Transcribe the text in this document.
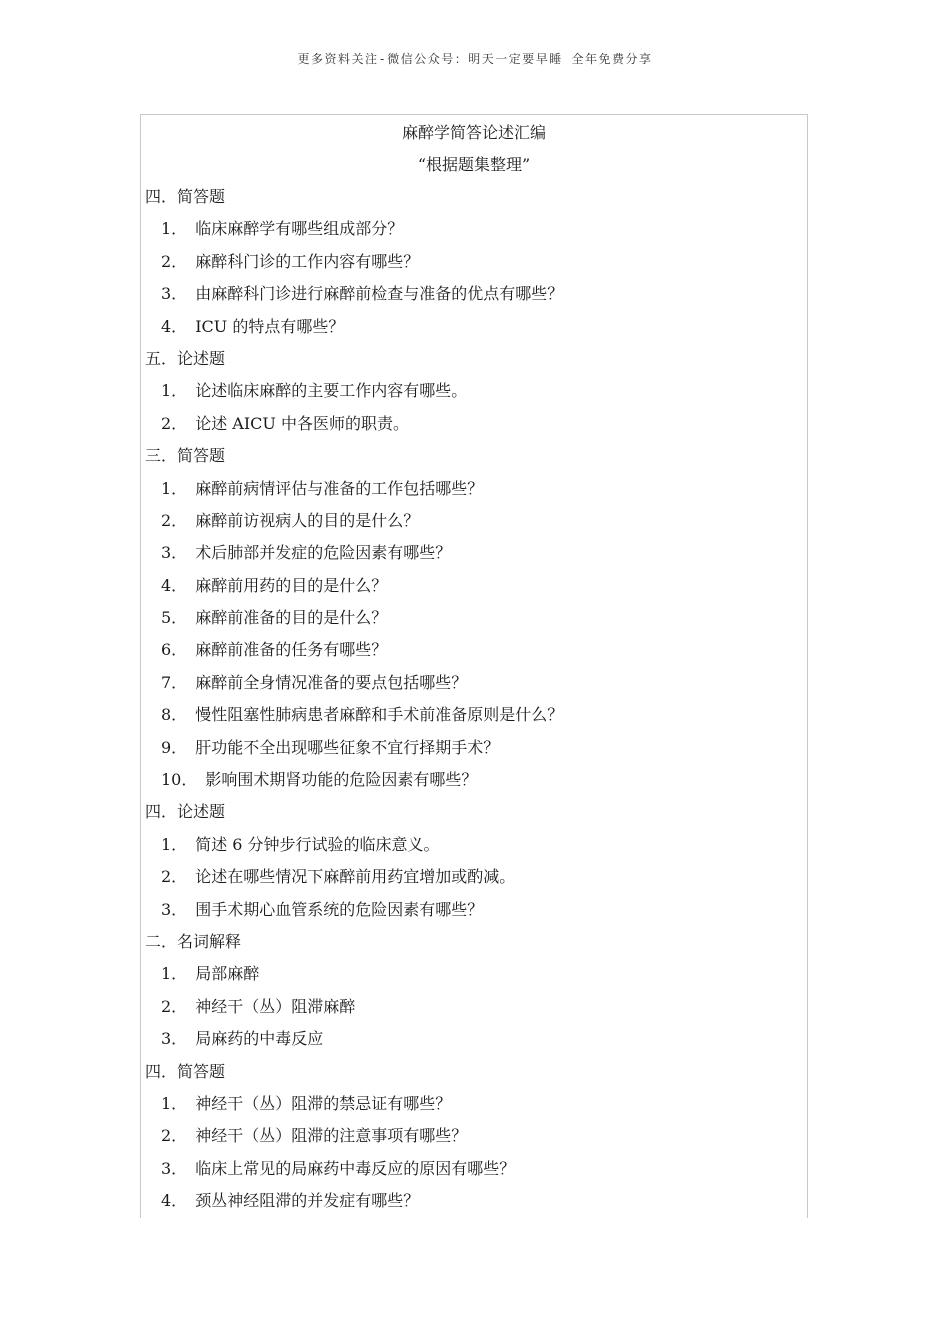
更多资料关注-微信公众号：明天一定要早睡 全年免费分享
麻醉学简答论述汇编
“根据题集整理”
四．简答题
1． 临床麻醉学有哪些组成部分？
2． 麻醉科门诊的工作内容有哪些？
3． 由麻醉科门诊进行麻醉前检查与准备的优点有哪些？
4． ICU 的特点有哪些？
五．论述题
1． 论述临床麻醉的主要工作内容有哪些。
2． 论述 AICU 中各医师的职责。
三．简答题
1． 麻醉前病情评估与准备的工作包括哪些？
2． 麻醉前访视病人的目的是什么？
3． 术后肺部并发症的危险因素有哪些？
4． 麻醉前用药的目的是什么？
5． 麻醉前准备的目的是什么？
6． 麻醉前准备的任务有哪些？
7． 麻醉前全身情况准备的要点包括哪些？
8． 慢性阻塞性肺病患者麻醉和手术前准备原则是什么？
9． 肝功能不全出现哪些征象不宜行择期手术？
10． 影响围术期肾功能的危险因素有哪些？
四．论述题
1． 简述 6 分钟步行试验的临床意义。
2． 论述在哪些情况下麻醉前用药宜增加或酌减。
3． 围手术期心血管系统的危险因素有哪些？
二．名词解释
1． 局部麻醉
2． 神经干（丛）阻滞麻醉
3． 局麻药的中毒反应
四．简答题
1． 神经干（丛）阻滞的禁忌证有哪些？
2． 神经干（丛）阻滞的注意事项有哪些？
3． 临床上常见的局麻药中毒反应的原因有哪些？
4． 颈丛神经阻滞的并发症有哪些？
